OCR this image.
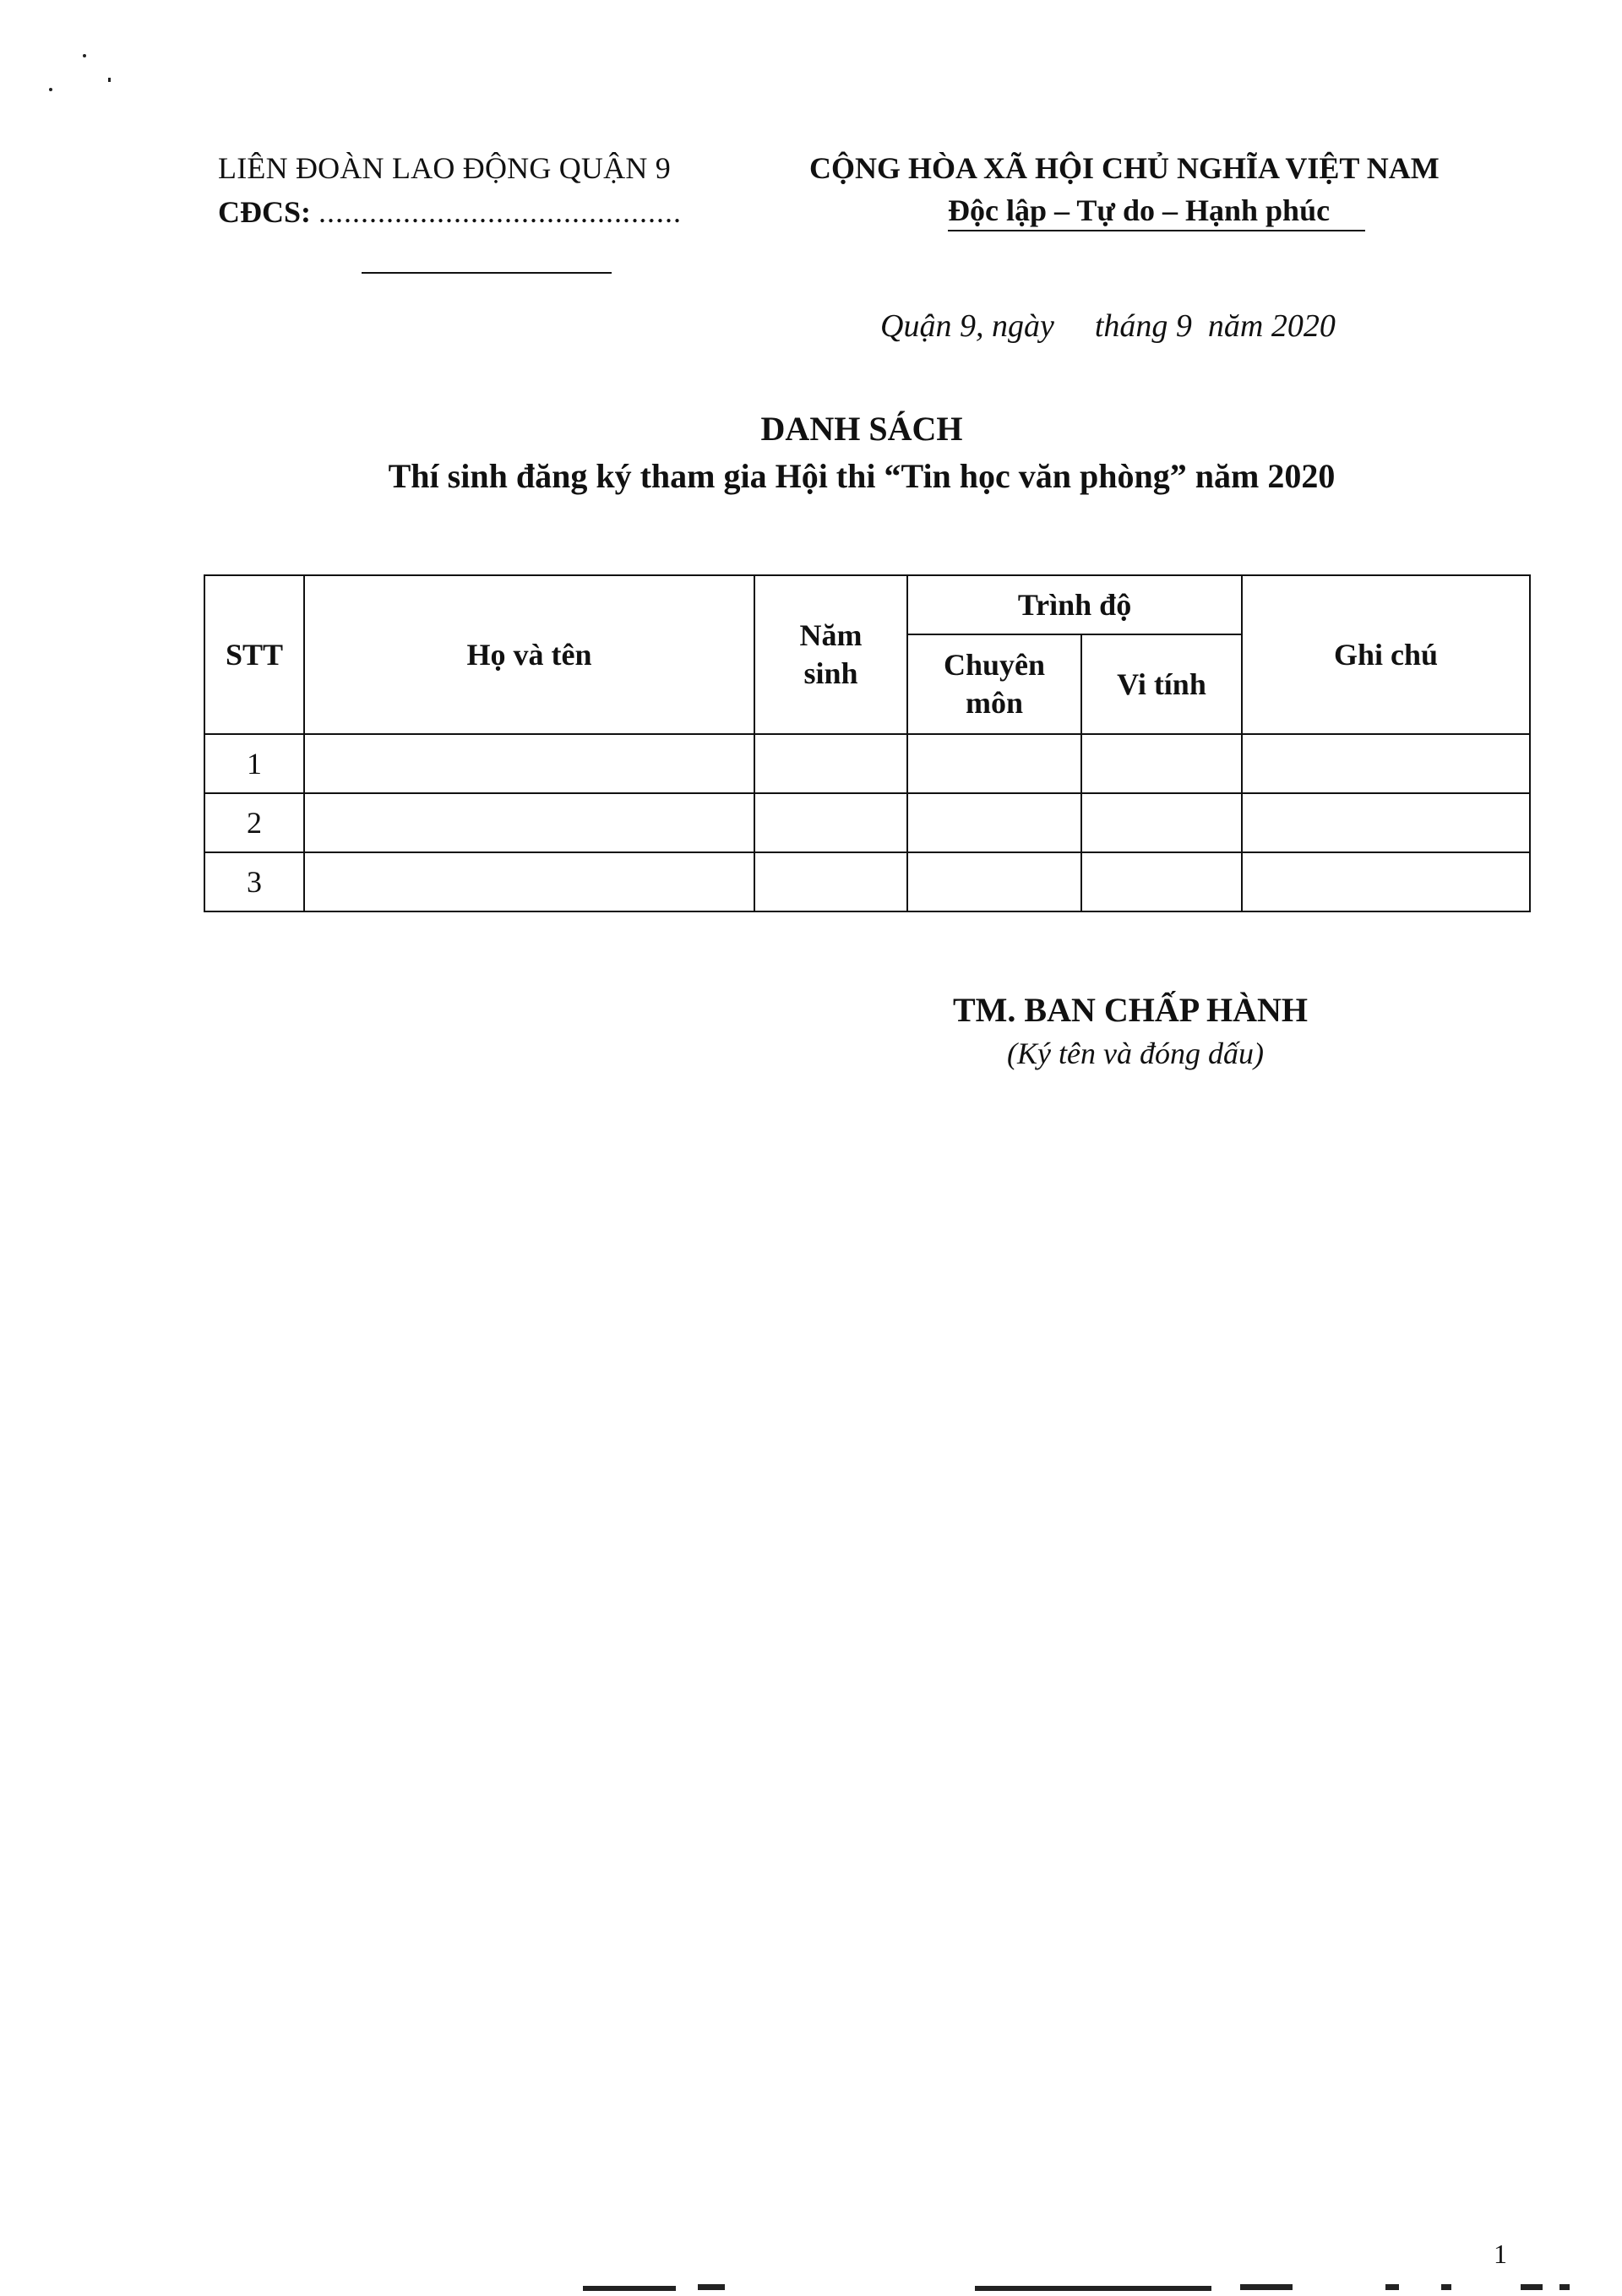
LIÊN ĐOÀN LAO ĐỘNG QUẬN 9
CĐCS: ...........................................
CỘNG HÒA XÃ HỘI CHỦ NGHĨA VIỆT NAM
Độc lập – Tự do – Hạnh phúc
Quận 9, ngày tháng 9 năm 2020
DANH SÁCH
Thí sinh đăng ký tham gia Hội thi “Tin học văn phòng” năm 2020
STT	Họ và tên	Năm sinh	Trình độ		Ghi chú

			Chuyên môn	Vi tính	
1					
2					
3					
TM. BAN CHẤP HÀNH
(Ký tên và đóng dấu)
1
